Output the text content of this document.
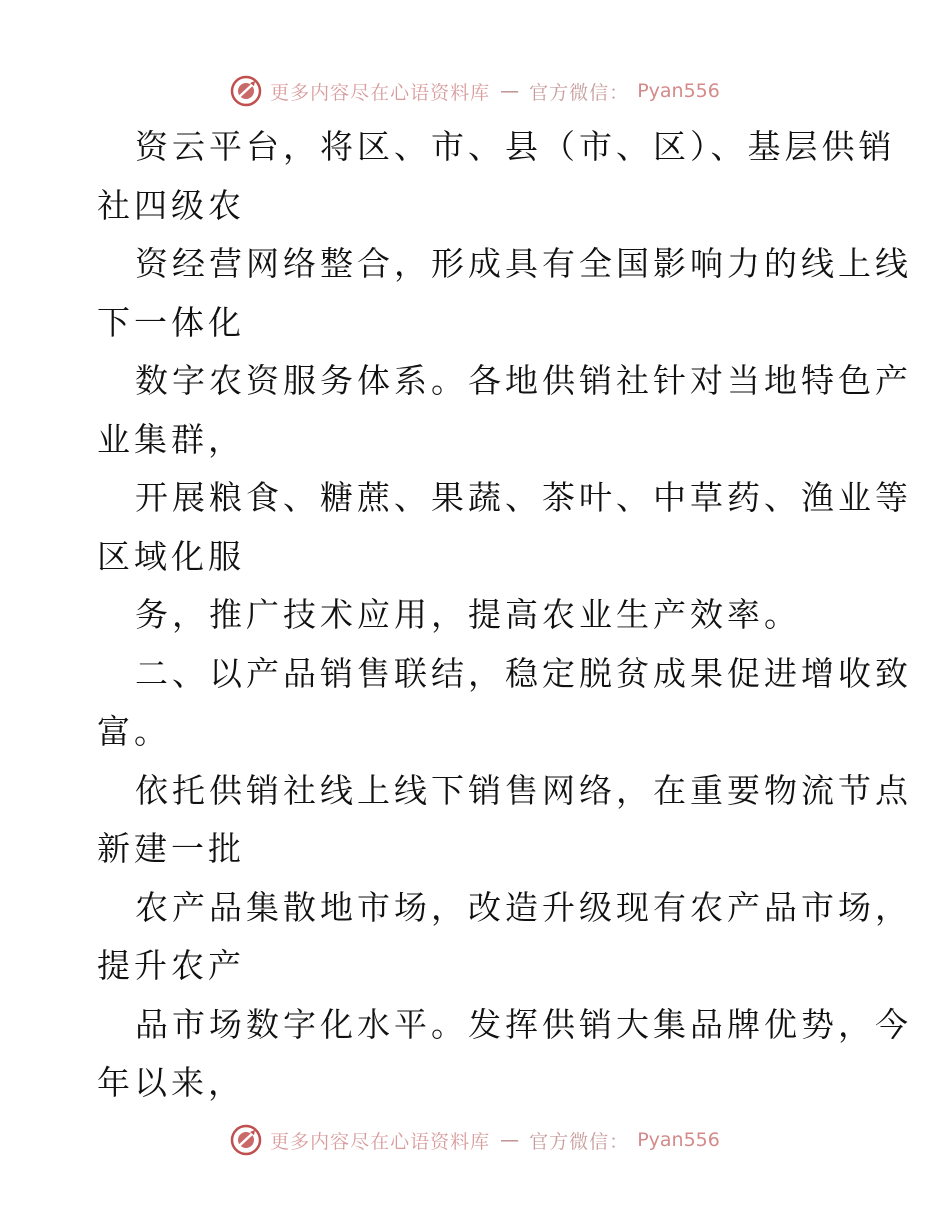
更多内容尽在心语资料库 — 官方微信： Pyan556
资云平台，将区、市、县（市、区）、基层供销
社四级农
资经营网络整合，形成具有全国影响力的线上线
下一体化
数字农资服务体系。各地供销社针对当地特色产
业集群，
开展粮食、糖蔗、果蔬、茶叶、中草药、渔业等
区域化服
务，推广技术应用，提高农业生产效率。
二、以产品销售联结，稳定脱贫成果促进增收致
富。
依托供销社线上线下销售网络，在重要物流节点
新建一批
农产品集散地市场，改造升级现有农产品市场，
提升农产
品市场数字化水平。发挥供销大集品牌优势，今
年以来，
更多内容尽在心语资料库 — 官方微信： Pyan556
